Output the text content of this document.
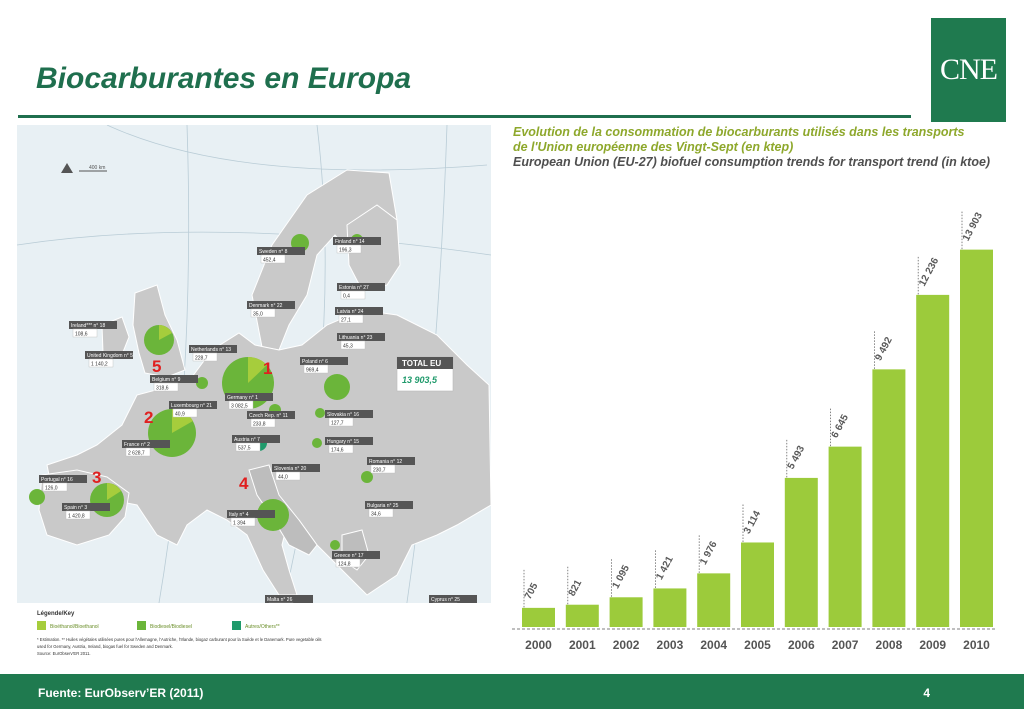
Biocarburantes en Europa	CNE
400 km
Ireland*** n° 18
108,6
United Kingdom n° 5
1 140,2
Netherlands n° 13
228,7
Belgium n° 9
318,6
Luxembourg n° 21
40,9
France n° 2
2 628,7
Portugal n° 16
126,0
Spain n° 3
1 420,8
Germany n° 1
3 082,5
Denmark n° 22
35,0
Sweden n° 8
452,4
Finland n° 14
196,3
Estonia n° 27
0,4
Latvia n° 24
27,1
Lithuania n° 23
45,3
Poland n° 6
969,4
Czech Rep. n° 11
233,8
Slovakia n° 16
127,7
Austria n° 7
537,5
Hungary n° 15
174,6
Slovenia n° 20
44,0
Romania n° 12
230,7
Italy n° 4
1 394
Bulgaria n° 25
34,6
Greece n° 17
124,8
Malta n° 26	Cyprus n° 25
TOTAL EU
13 903,5
5	1
2
3	4
Légende/Key
Bioéthanol/Bioethanol	Biodiesel/Biodiesel	Autres/Others**
* Estimation. ** Huiles végétales utilisées pures pour l'Allemagne, l'Autriche, l'Irlande, biogaz carburant pour la Suède et le Danemark. Pure vegetable oils
used for Germany, Austria, Ireland, biogas fuel for Sweden and Denmark.
Source: EurObserv'ER 2011.
Evolution de la consommation de biocarburants utilisés dans les transports
de l'Union européenne des Vingt-Sept (en ktep)
European Union (EU-27) biofuel consumption trends for transport trend (in ktoe)
705
2000
821
2001
1 095
2002
1 421
2003
1 976
2004
3 114
2005
5 493
2006
6 645
2007
9 492
2008
12 236
2009
13 903
2010
Fuente: EurObserv’ER (2011)	4
